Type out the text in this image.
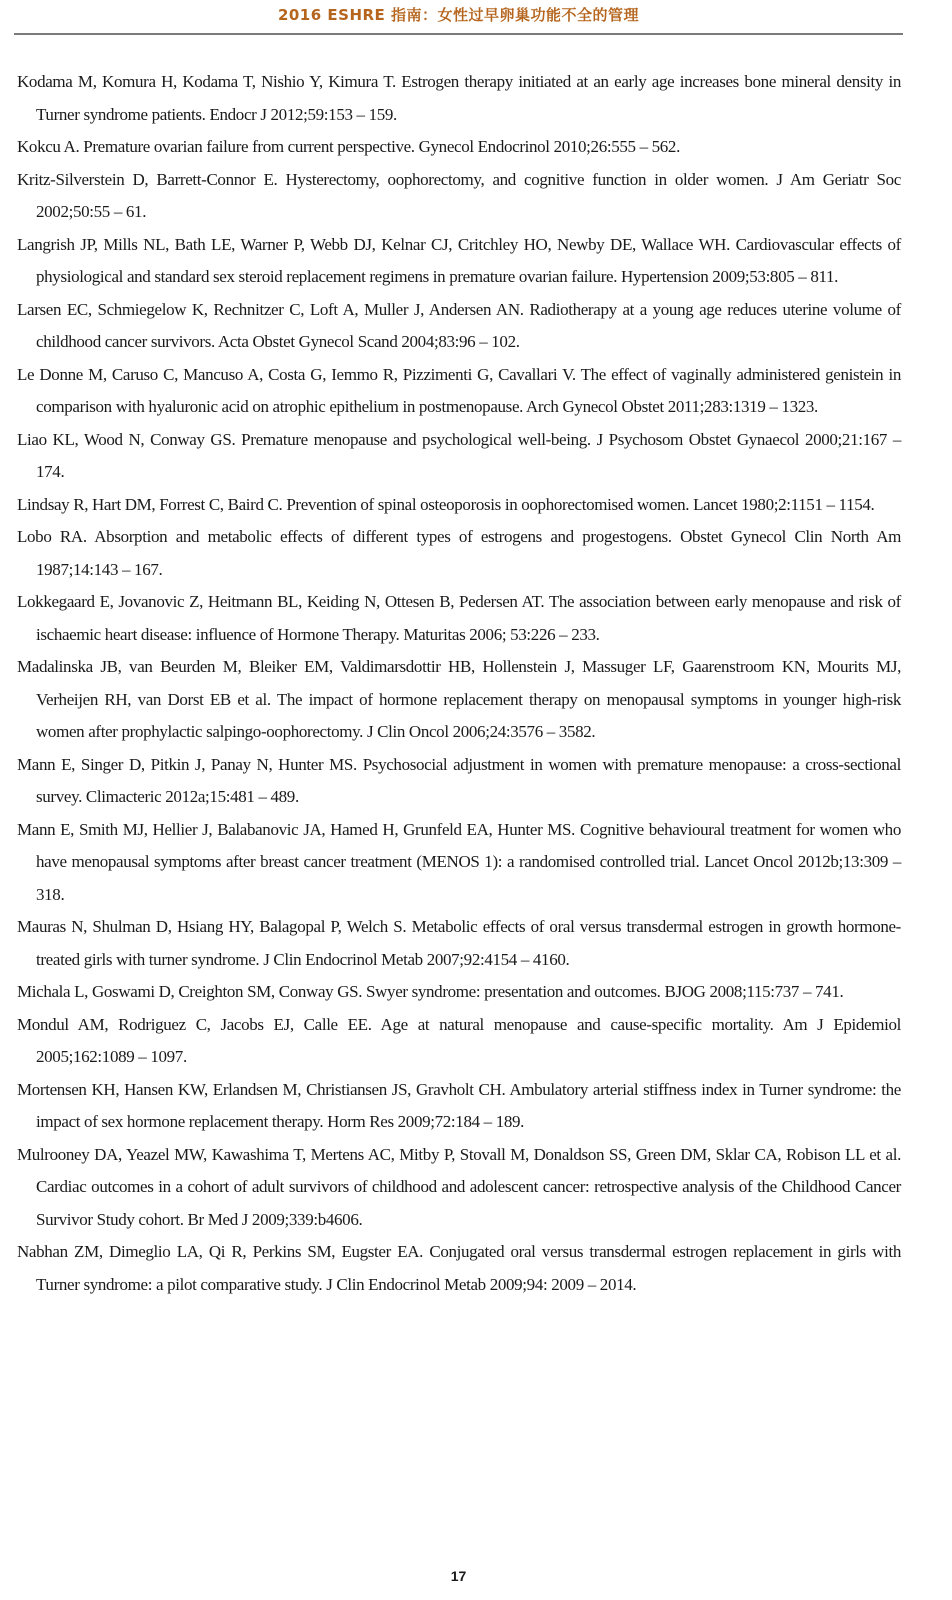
2016 ESHRE 指南：女性过早卵巢功能不全的管理
Kodama M, Komura H, Kodama T, Nishio Y, Kimura T. Estrogen therapy initiated at an early age increases bone mineral density in Turner syndrome patients. Endocr J 2012;59:153 – 159.
Kokcu A. Premature ovarian failure from current perspective. Gynecol Endocrinol 2010;26:555 – 562.
Kritz-Silverstein D, Barrett-Connor E. Hysterectomy, oophorectomy, and cognitive function in older women. J Am Geriatr Soc 2002;50:55 – 61.
Langrish JP, Mills NL, Bath LE, Warner P, Webb DJ, Kelnar CJ, Critchley HO, Newby DE, Wallace WH. Cardiovascular effects of physiological and standard sex steroid replacement regimens in premature ovarian failure. Hypertension 2009;53:805 – 811.
Larsen EC, Schmiegelow K, Rechnitzer C, Loft A, Muller J, Andersen AN. Radiotherapy at a young age reduces uterine volume of childhood cancer survivors. Acta Obstet Gynecol Scand 2004;83:96 – 102.
Le Donne M, Caruso C, Mancuso A, Costa G, Iemmo R, Pizzimenti G, Cavallari V. The effect of vaginally administered genistein in comparison with hyaluronic acid on atrophic epithelium in postmenopause. Arch Gynecol Obstet 2011;283:1319 – 1323.
Liao KL, Wood N, Conway GS. Premature menopause and psychological well-being. J Psychosom Obstet Gynaecol 2000;21:167 – 174.
Lindsay R, Hart DM, Forrest C, Baird C. Prevention of spinal osteoporosis in oophorectomised women. Lancet 1980;2:1151 – 1154.
Lobo RA. Absorption and metabolic effects of different types of estrogens and progestogens. Obstet Gynecol Clin North Am 1987;14:143 – 167.
Lokkegaard E, Jovanovic Z, Heitmann BL, Keiding N, Ottesen B, Pedersen AT. The association between early menopause and risk of ischaemic heart disease: influence of Hormone Therapy. Maturitas 2006; 53:226 – 233.
Madalinska JB, van Beurden M, Bleiker EM, Valdimarsdottir HB, Hollenstein J, Massuger LF, Gaarenstroom KN, Mourits MJ, Verheijen RH, van Dorst EB et al. The impact of hormone replacement therapy on menopausal symptoms in younger high-risk women after prophylactic salpingo-oophorectomy. J Clin Oncol 2006;24:3576 – 3582.
Mann E, Singer D, Pitkin J, Panay N, Hunter MS. Psychosocial adjustment in women with premature menopause: a cross-sectional survey. Climacteric 2012a;15:481 – 489.
Mann E, Smith MJ, Hellier J, Balabanovic JA, Hamed H, Grunfeld EA, Hunter MS. Cognitive behavioural treatment for women who have menopausal symptoms after breast cancer treatment (MENOS 1): a randomised controlled trial. Lancet Oncol 2012b;13:309 – 318.
Mauras N, Shulman D, Hsiang HY, Balagopal P, Welch S. Metabolic effects of oral versus transdermal estrogen in growth hormone-treated girls with turner syndrome. J Clin Endocrinol Metab 2007;92:4154 – 4160.
Michala L, Goswami D, Creighton SM, Conway GS. Swyer syndrome: presentation and outcomes. BJOG 2008;115:737 – 741.
Mondul AM, Rodriguez C, Jacobs EJ, Calle EE. Age at natural menopause and cause-specific mortality. Am J Epidemiol 2005;162:1089 – 1097.
Mortensen KH, Hansen KW, Erlandsen M, Christiansen JS, Gravholt CH. Ambulatory arterial stiffness index in Turner syndrome: the impact of sex hormone replacement therapy. Horm Res 2009;72:184 – 189.
Mulrooney DA, Yeazel MW, Kawashima T, Mertens AC, Mitby P, Stovall M, Donaldson SS, Green DM, Sklar CA, Robison LL et al. Cardiac outcomes in a cohort of adult survivors of childhood and adolescent cancer: retrospective analysis of the Childhood Cancer Survivor Study cohort. Br Med J 2009;339:b4606.
Nabhan ZM, Dimeglio LA, Qi R, Perkins SM, Eugster EA. Conjugated oral versus transdermal estrogen replacement in girls with Turner syndrome: a pilot comparative study. J Clin Endocrinol Metab 2009;94: 2009 – 2014.
17
